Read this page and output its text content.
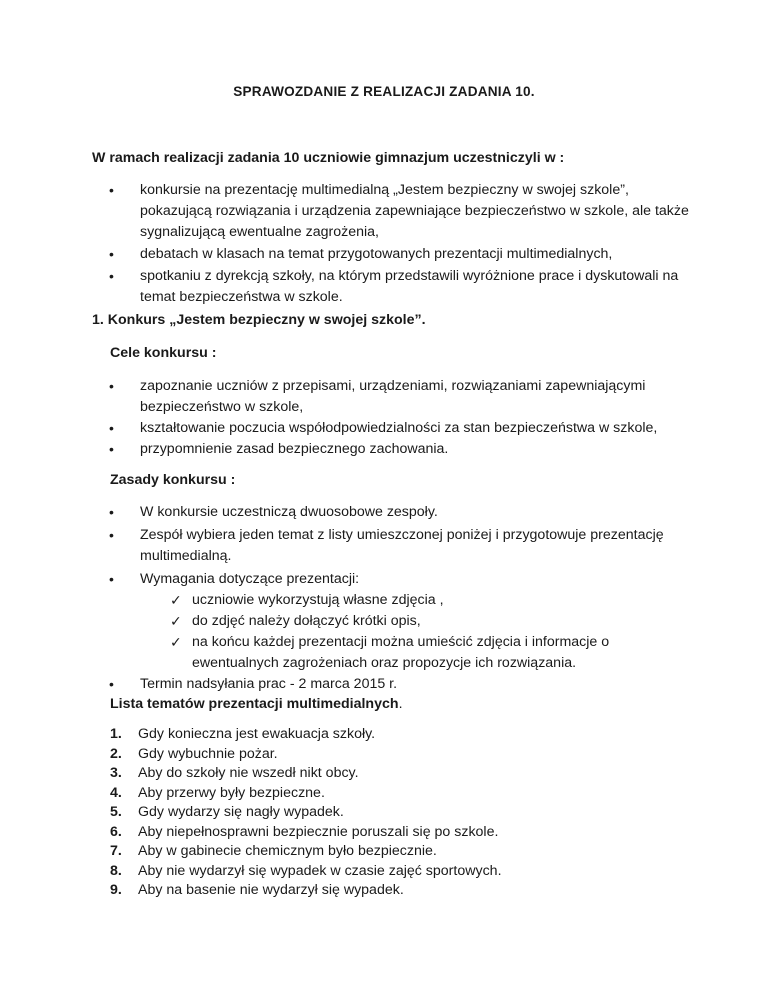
SPRAWOZDANIE Z REALIZACJI ZADANIA 10.
W ramach realizacji zadania 10 uczniowie gimnazjum uczestniczyli w :
• konkursie na prezentację multimedialną „Jestem bezpieczny w swojej szkole”, pokazującą rozwiązania i urządzenia zapewniające bezpieczeństwo w szkole, ale także sygnalizującą ewentualne zagrożenia,
• debatach w klasach na temat przygotowanych prezentacji multimedialnych,
• spotkaniu z dyrekcją szkoły, na którym przedstawili wyróżnione prace i dyskutowali na temat bezpieczeństwa w szkole.
1. Konkurs „Jestem bezpieczny w swojej szkole”.
Cele konkursu :
• zapoznanie uczniów z przepisami, urządzeniami, rozwiązaniami zapewniającymi bezpieczeństwo w szkole,
• kształtowanie poczucia współodpowiedzialności za stan bezpieczeństwa w szkole,
• przypomnienie zasad bezpiecznego zachowania.
Zasady konkursu :
• W konkursie uczestniczą dwuosobowe zespoły.
• Zespół wybiera jeden temat z listy umieszczonej poniżej i przygotowuje prezentację multimedialną.
• Wymagania dotyczące prezentacji:
✓ uczniowie wykorzystują własne zdjęcia ,
✓ do zdjęć należy dołączyć krótki opis,
✓ na końcu każdej prezentacji można umieścić zdjęcia i informacje o ewentualnych zagrożeniach oraz propozycje ich rozwiązania.
• Termin nadsyłania prac - 2 marca 2015 r.
Lista tematów prezentacji multimedialnych.
1. Gdy konieczna jest ewakuacja szkoły.
2. Gdy wybuchnie pożar.
3. Aby do szkoły nie wszedł nikt obcy.
4. Aby przerwy były bezpieczne.
5. Gdy wydarzy się nagły wypadek.
6. Aby niepełnosprawni bezpiecznie poruszali się po szkole.
7. Aby w gabinecie chemicznym było bezpiecznie.
8. Aby nie wydarzył się wypadek w czasie zajęć sportowych.
9. Aby na basenie nie wydarzył się wypadek.
